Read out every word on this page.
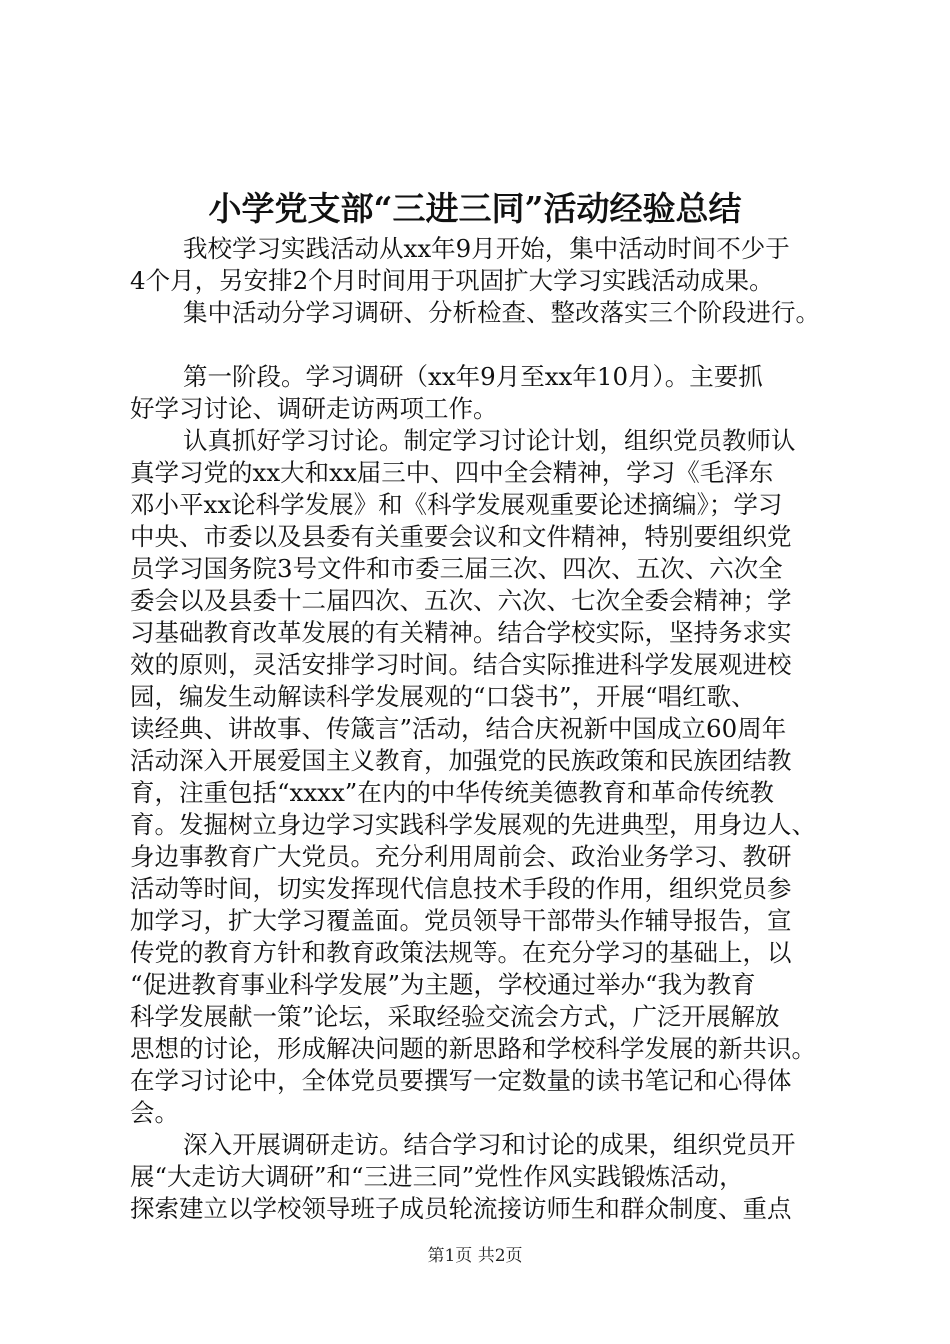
小学党支部“三进三同”活动经验总结
我校学习实践活动从xx年9月开始，集中活动时间不少于
4个月，另安排2个月时间用于巩固扩大学习实践活动成果。
集中活动分学习调研、分析检查、整改落实三个阶段进行。
第一阶段。学习调研（xx年9月至xx年10月）。主要抓
好学习讨论、调研走访两项工作。
认真抓好学习讨论。制定学习讨论计划，组织党员教师认
真学习党的xx大和xx届三中、四中全会精神，学习《毛泽东
邓小平xx论科学发展》和《科学发展观重要论述摘编》；学习
中央、市委以及县委有关重要会议和文件精神，特别要组织党
员学习国务院3号文件和市委三届三次、四次、五次、六次全
委会以及县委十二届四次、五次、六次、七次全委会精神；学
习基础教育改革发展的有关精神。结合学校实际，坚持务求实
效的原则，灵活安排学习时间。结合实际推进科学发展观进校
园，编发生动解读科学发展观的“口袋书”，开展“唱红歌、
读经典、讲故事、传箴言”活动，结合庆祝新中国成立60周年
活动深入开展爱国主义教育，加强党的民族政策和民族团结教
育，注重包括“xxxx”在内的中华传统美德教育和革命传统教
育。发掘树立身边学习实践科学发展观的先进典型，用身边人、
身边事教育广大党员。充分利用周前会、政治业务学习、教研
活动等时间，切实发挥现代信息技术手段的作用，组织党员参
加学习，扩大学习覆盖面。党员领导干部带头作辅导报告，宣
传党的教育方针和教育政策法规等。在充分学习的基础上，以
“促进教育事业科学发展”为主题，学校通过举办“我为教育
科学发展献一策”论坛，采取经验交流会方式，广泛开展解放
思想的讨论，形成解决问题的新思路和学校科学发展的新共识。
在学习讨论中，全体党员要撰写一定数量的读书笔记和心得体
会。
深入开展调研走访。结合学习和讨论的成果，组织党员开
展“大走访大调研”和“三进三同”党性作风实践锻炼活动，
探索建立以学校领导班子成员轮流接访师生和群众制度、重点
第1页 共2页
